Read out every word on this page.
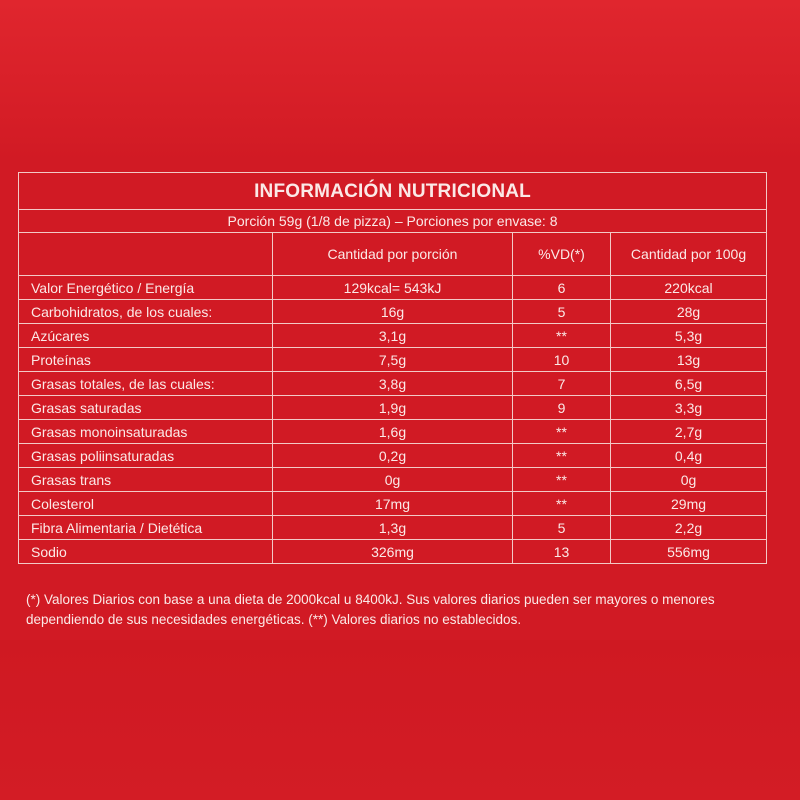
INFORMACIÓN NUTRICIONAL			
Porción 59g (1/8 de pizza) – Porciones por envase: 8			
	Cantidad por porción	%VD(*)	Cantidad por 100g
Valor Energético / Energía	129kcal= 543kJ	6	220kcal
Carbohidratos, de los cuales:	16g	5	28g
Azúcares	3,1g	**	5,3g
Proteínas	7,5g	10	13g
Grasas totales, de las cuales:	3,8g	7	6,5g
Grasas saturadas	1,9g	9	3,3g
Grasas monoinsaturadas	1,6g	**	2,7g
Grasas poliinsaturadas	0,2g	**	0,4g
Grasas trans	0g	**	0g
Colesterol	17mg	**	29mg
Fibra Alimentaria / Dietética	1,3g	5	2,2g
Sodio	326mg	13	556mg
(*) Valores Diarios con base a una dieta de 2000kcal u 8400kJ. Sus valores diarios pueden ser mayores o menores
dependiendo de sus necesidades energéticas. (**) Valores diarios no establecidos.
